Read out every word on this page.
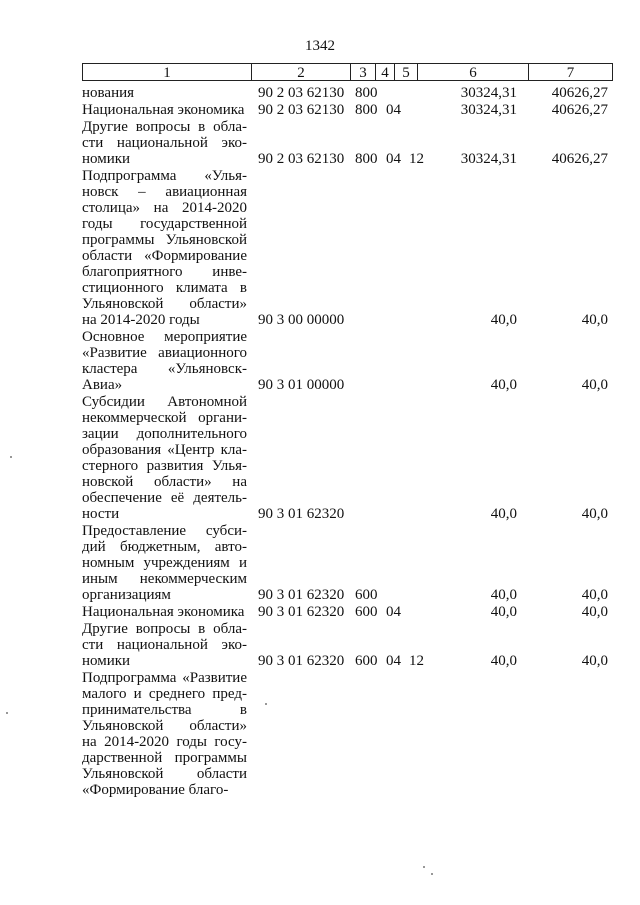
1342
1	2	3 4 5	6	7
нования	90 2 03 62130 800	30324,31	40626,27
Национальная экономика 90 2 03 62130 800 04	30324,31	40626,27
Другие вопросы в обла-
сти национальной эко-
номики	90 2 03 62130 800 04 12	30324,31	40626,27
Подпрограмма «Улья-
новск – авиационная
столица» на 2014-2020
годы государственной
программы Ульяновской
области «Формирование
благоприятного инве-
стиционного климата в
Ульяновской области»
на 2014-2020 годы	90 3 00 00000	40,0	40,0
Основное мероприятие
«Развитие авиационного
кластера «Ульяновск-
Авиа»	90 3 01 00000	40,0	40,0
Субсидии Автономной
некоммерческой органи-
зации дополнительного
образования «Центр кла-
стерного развития Улья-
новской области» на
обеспечение её деятель-
ности	90 3 01 62320	40,0	40,0
Предоставление субси-
дий бюджетным, авто-
номным учреждениям и
иным некоммерческим
организациям	90 3 01 62320 600	40,0	40,0
Национальная экономика 90 3 01 62320 600 04	40,0	40,0
Другие вопросы в обла-
сти национальной эко-
номики	90 3 01 62320 600 04 12	40,0	40,0
Подпрограмма «Развитие
малого и среднего пред-
принимательства в
Ульяновской области»
на 2014-2020 годы госу-
дарственной программы
Ульяновской области
«Формирование благо-
